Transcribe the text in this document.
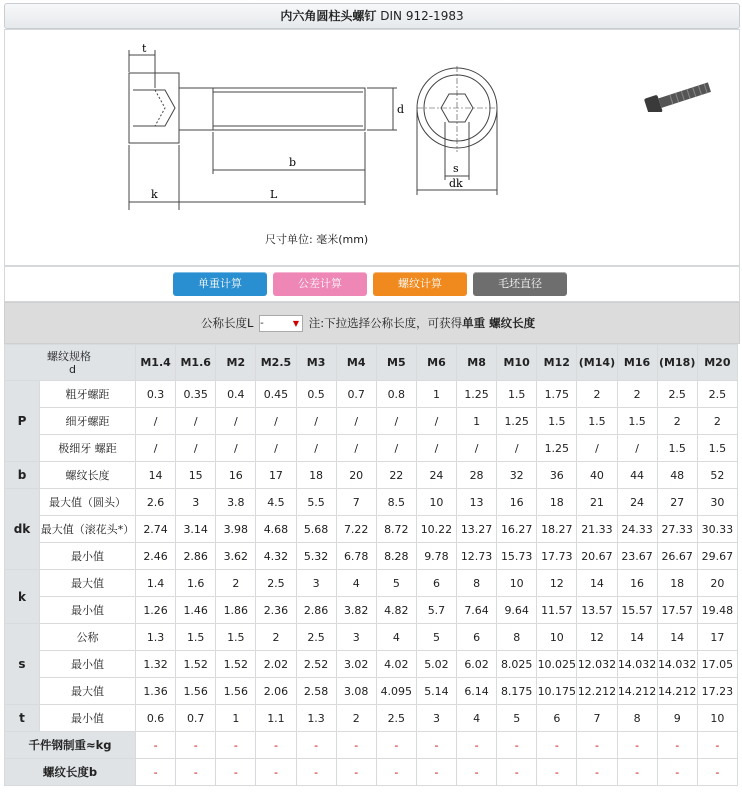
内六角圆柱头螺钉 DIN 912-1983
t
d
b
k	L
s
dk
尺寸单位: 毫米(mm)
单重计算	公差计算	螺纹计算	毛坯直径
公称长度L -	▼ 注:下拉选择公称长度，可获得单重 螺纹长度
螺纹规格
d		M1.4	M1.6	M2	M2.5	M3	M4	M5	M6	M8	M10	M12	(M14)	M16	(M18)	M20
P	粗牙螺距	0.3	0.35	0.4	0.45	0.5	0.7	0.8	1	1.25	1.5	1.75	2	2	2.5	2.5
	细牙螺距	/	/	/	/	/	/	/	/	1	1.25	1.5	1.5	1.5	2	2
	极细牙 螺距	/	/	/	/	/	/	/	/	/	/	1.25	/	/	1.5	1.5
b	螺纹长度	14	15	16	17	18	20	22	24	28	32	36	40	44	48	52
dk	最大值（圆头）	2.6	3	3.8	4.5	5.5	7	8.5	10	13	16	18	21	24	27	30
	最大值（滚花头*）	2.74	3.14	3.98	4.68	5.68	7.22	8.72	10.22	13.27	16.27	18.27	21.33	24.33	27.33	30.33
	最小值	2.46	2.86	3.62	4.32	5.32	6.78	8.28	9.78	12.73	15.73	17.73	20.67	23.67	26.67	29.67
k	最大值	1.4	1.6	2	2.5	3	4	5	6	8	10	12	14	16	18	20
	最小值	1.26	1.46	1.86	2.36	2.86	3.82	4.82	5.7	7.64	9.64	11.57	13.57	15.57	17.57	19.48
s	公称	1.3	1.5	1.5	2	2.5	3	4	5	6	8	10	12	14	14	17
	最小值	1.32	1.52	1.52	2.02	2.52	3.02	4.02	5.02	6.02	8.025	10.025	12.032	14.032	14.032	17.05
	最大值	1.36	1.56	1.56	2.06	2.58	3.08	4.095	5.14	6.14	8.175	10.175	12.212	14.212	14.212	17.23
t	最小值	0.6	0.7	1	1.1	1.3	2	2.5	3	4	5	6	7	8	9	10
千件钢制重≈kg		-	-	-	-	-	-	-	-	-	-	-	-	-	-	-
螺纹长度b		-	-	-	-	-	-	-	-	-	-	-	-	-	-	-
